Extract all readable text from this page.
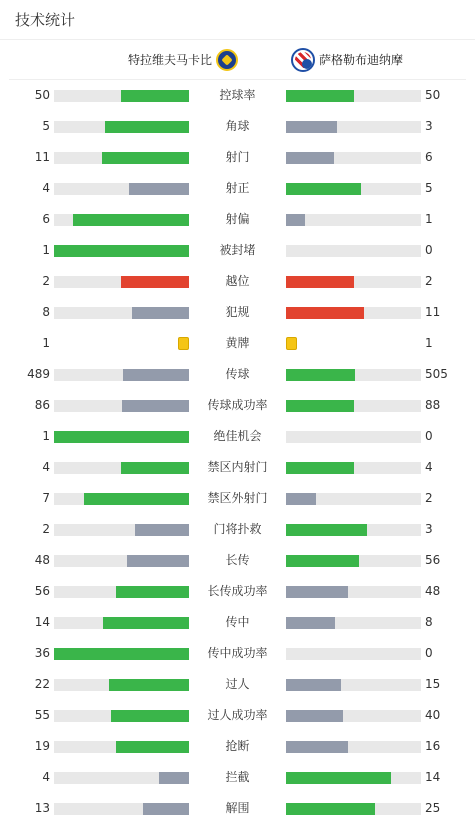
技术统计
特拉维夫马卡比	萨格勒布迪纳摩
50	控球率	50
5	角球	3
11	射门	6
4	射正	5
6	射偏	1
1	被封堵	0
2	越位	2
8	犯规	11
1	黄牌	1
489	传球	505
86	传球成功率	88
1	绝佳机会	0
4	禁区内射门	4
7	禁区外射门	2
2	门将扑救	3
48	长传	56
56	长传成功率	48
14	传中	8
36	传中成功率	0
22	过人	15
55	过人成功率	40
19	抢断	16
4	拦截	14
13	解围	25
